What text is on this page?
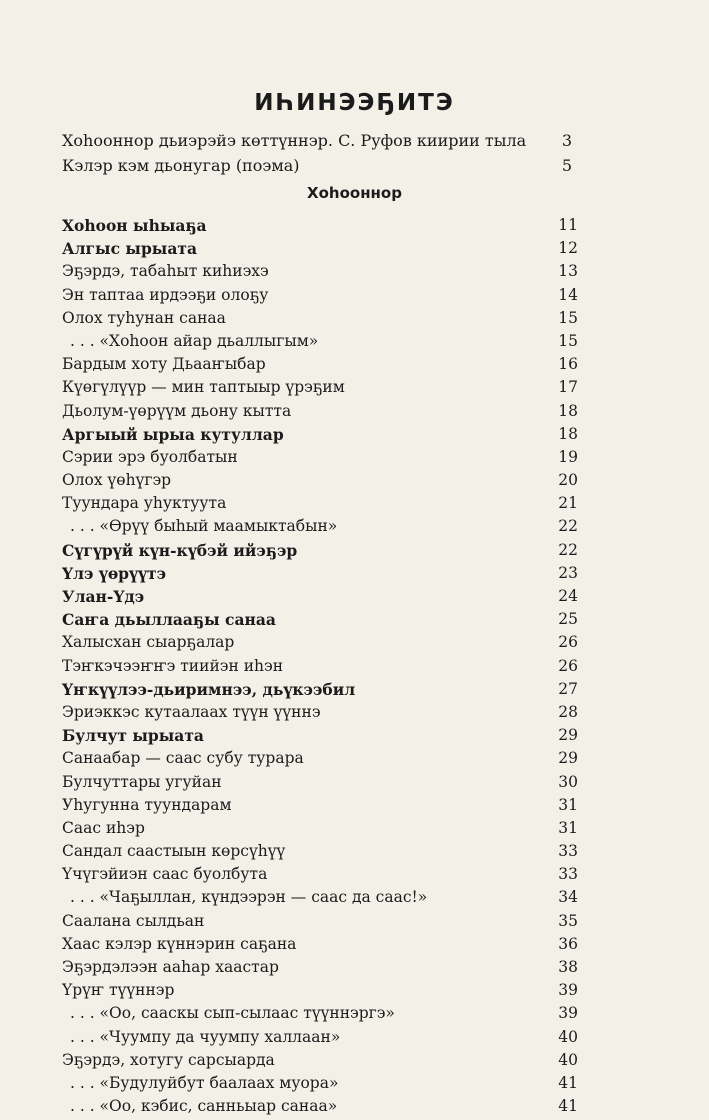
ИҺИНЭЭҔИТЭ
Хоһооннор дьиэрэйэ көттүннэр. С. Руфов киирии тыла 3
Кэлэр кэм дьонугар (поэма)	5
Хоһооннор
Хоһоон ыһыаҕа	11
Алгыс ырыата	12
Эҕэрдэ, табаһыт киһиэхэ	13
Эн таптаа ирдээҕи олоҕу	14
Олох туһунан санаа	15
. . . «Хоһоон айар дьаллыгым»	15
Бардым хоту Дьааҥыбар	16
Күөгүлүүр — мин таптыыр үрэҕим	17
Дьолум-үөрүүм дьону кытта	18
Аргыый ырыа кутуллар	18
Сэрии эрэ буолбатын	19
Олох үөһүгэр	20
Туундара уһуктуута	21
. . . «Өрүү быһый маамыктабын»	22
Сүгүрүй күн-күбэй ийэҕэр	22
Үлэ үөрүүтэ	23
Улан-Үдэ	24
Саҥа дьыллааҕы санаа	25
Халысхан сыарҕалар	26
Тэҥкэчээҥҥэ тиийэн иһэн	26
Үҥкүүлээ-дьиримнээ, дьүкээбил	27
Эриэккэс кутаалаах түүн үүннэ	28
Булчут ырыата	29
Санаабар — саас субу турара	29
Булчуттары угуйан	30
Уһугунна туундарам	31
Саас иһэр	31
Сандал саастыын көрсүһүү	33
Үчүгэйиэн саас буолбута	33
. . . «Чаҕыллан, күндээрэн — саас да саас!»	34
Саалана сылдьан	35
Хаас кэлэр күннэрин саҕана	36
Эҕэрдэлээн ааһар хаастар	38
Үрүҥ түүннэр	39
. . . «Оо, сааскы сып-сылаас түүннэргэ»	39
. . . «Чуумпу да чуумпу халлаан»	40
Эҕэрдэ, хотугу сарсыарда	40
. . . «Будулуйбут баалаах муора»	41
. . . «Оо, кэбис, санньыар санаа»	41
